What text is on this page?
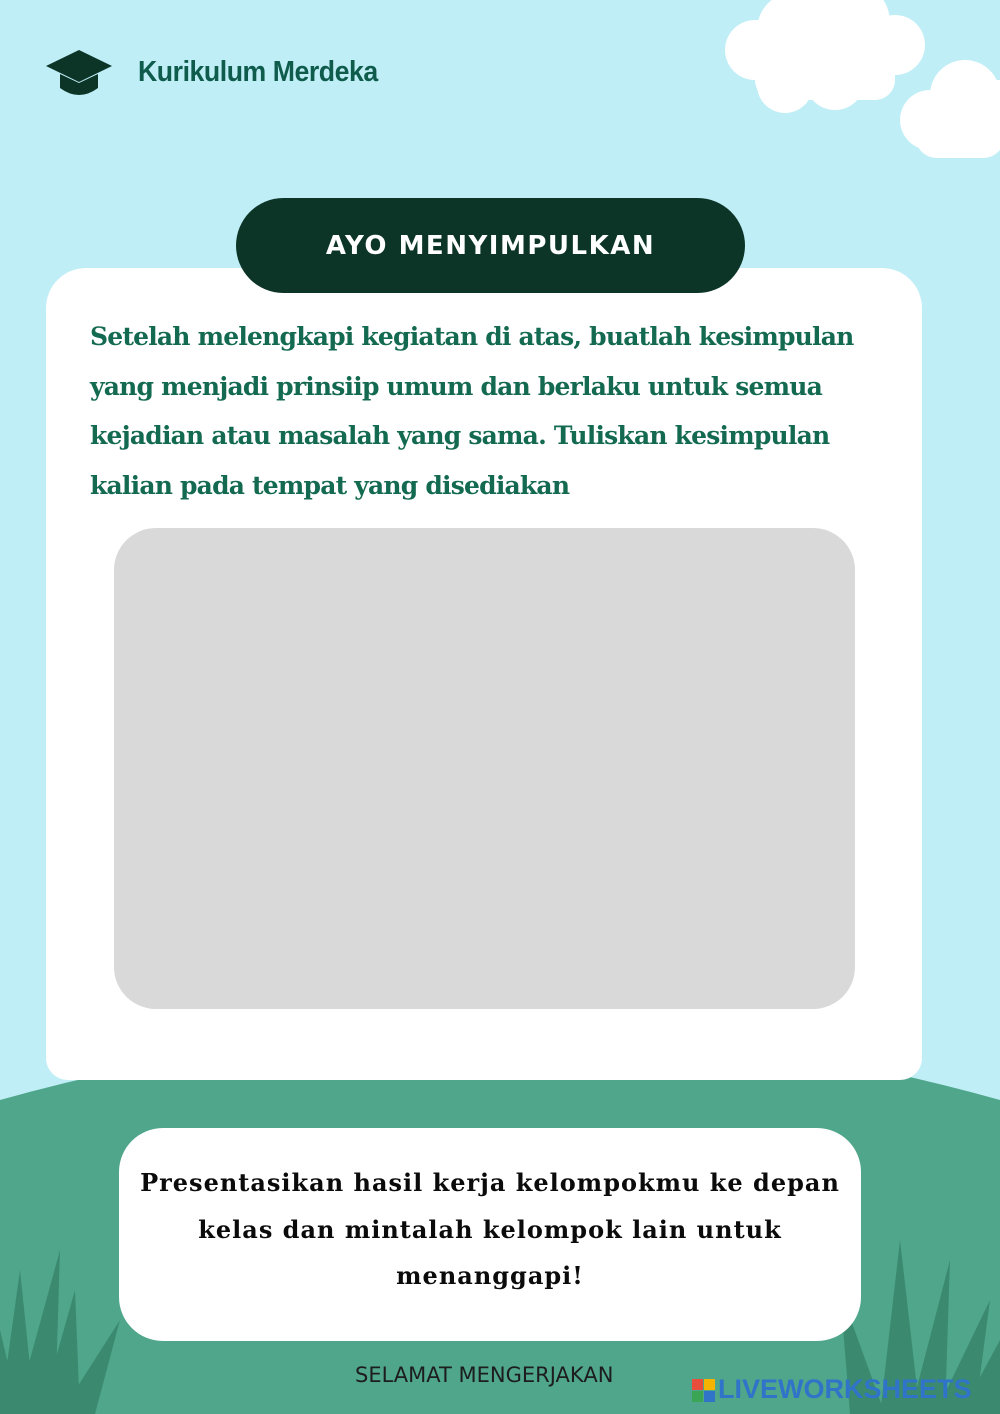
Kurikulum Merdeka
AYO MENYIMPULKAN
Setelah melengkapi kegiatan di atas, buatlah kesimpulan yang menjadi prinsiip umum dan berlaku untuk semua kejadian atau masalah yang sama. Tuliskan kesimpulan kalian pada tempat yang disediakan
Presentasikan hasil kerja kelompokmu ke depan kelas dan mintalah kelompok lain untuk menanggapi!
SELAMAT MENGERJAKAN	LIVEWORKSHEETS
